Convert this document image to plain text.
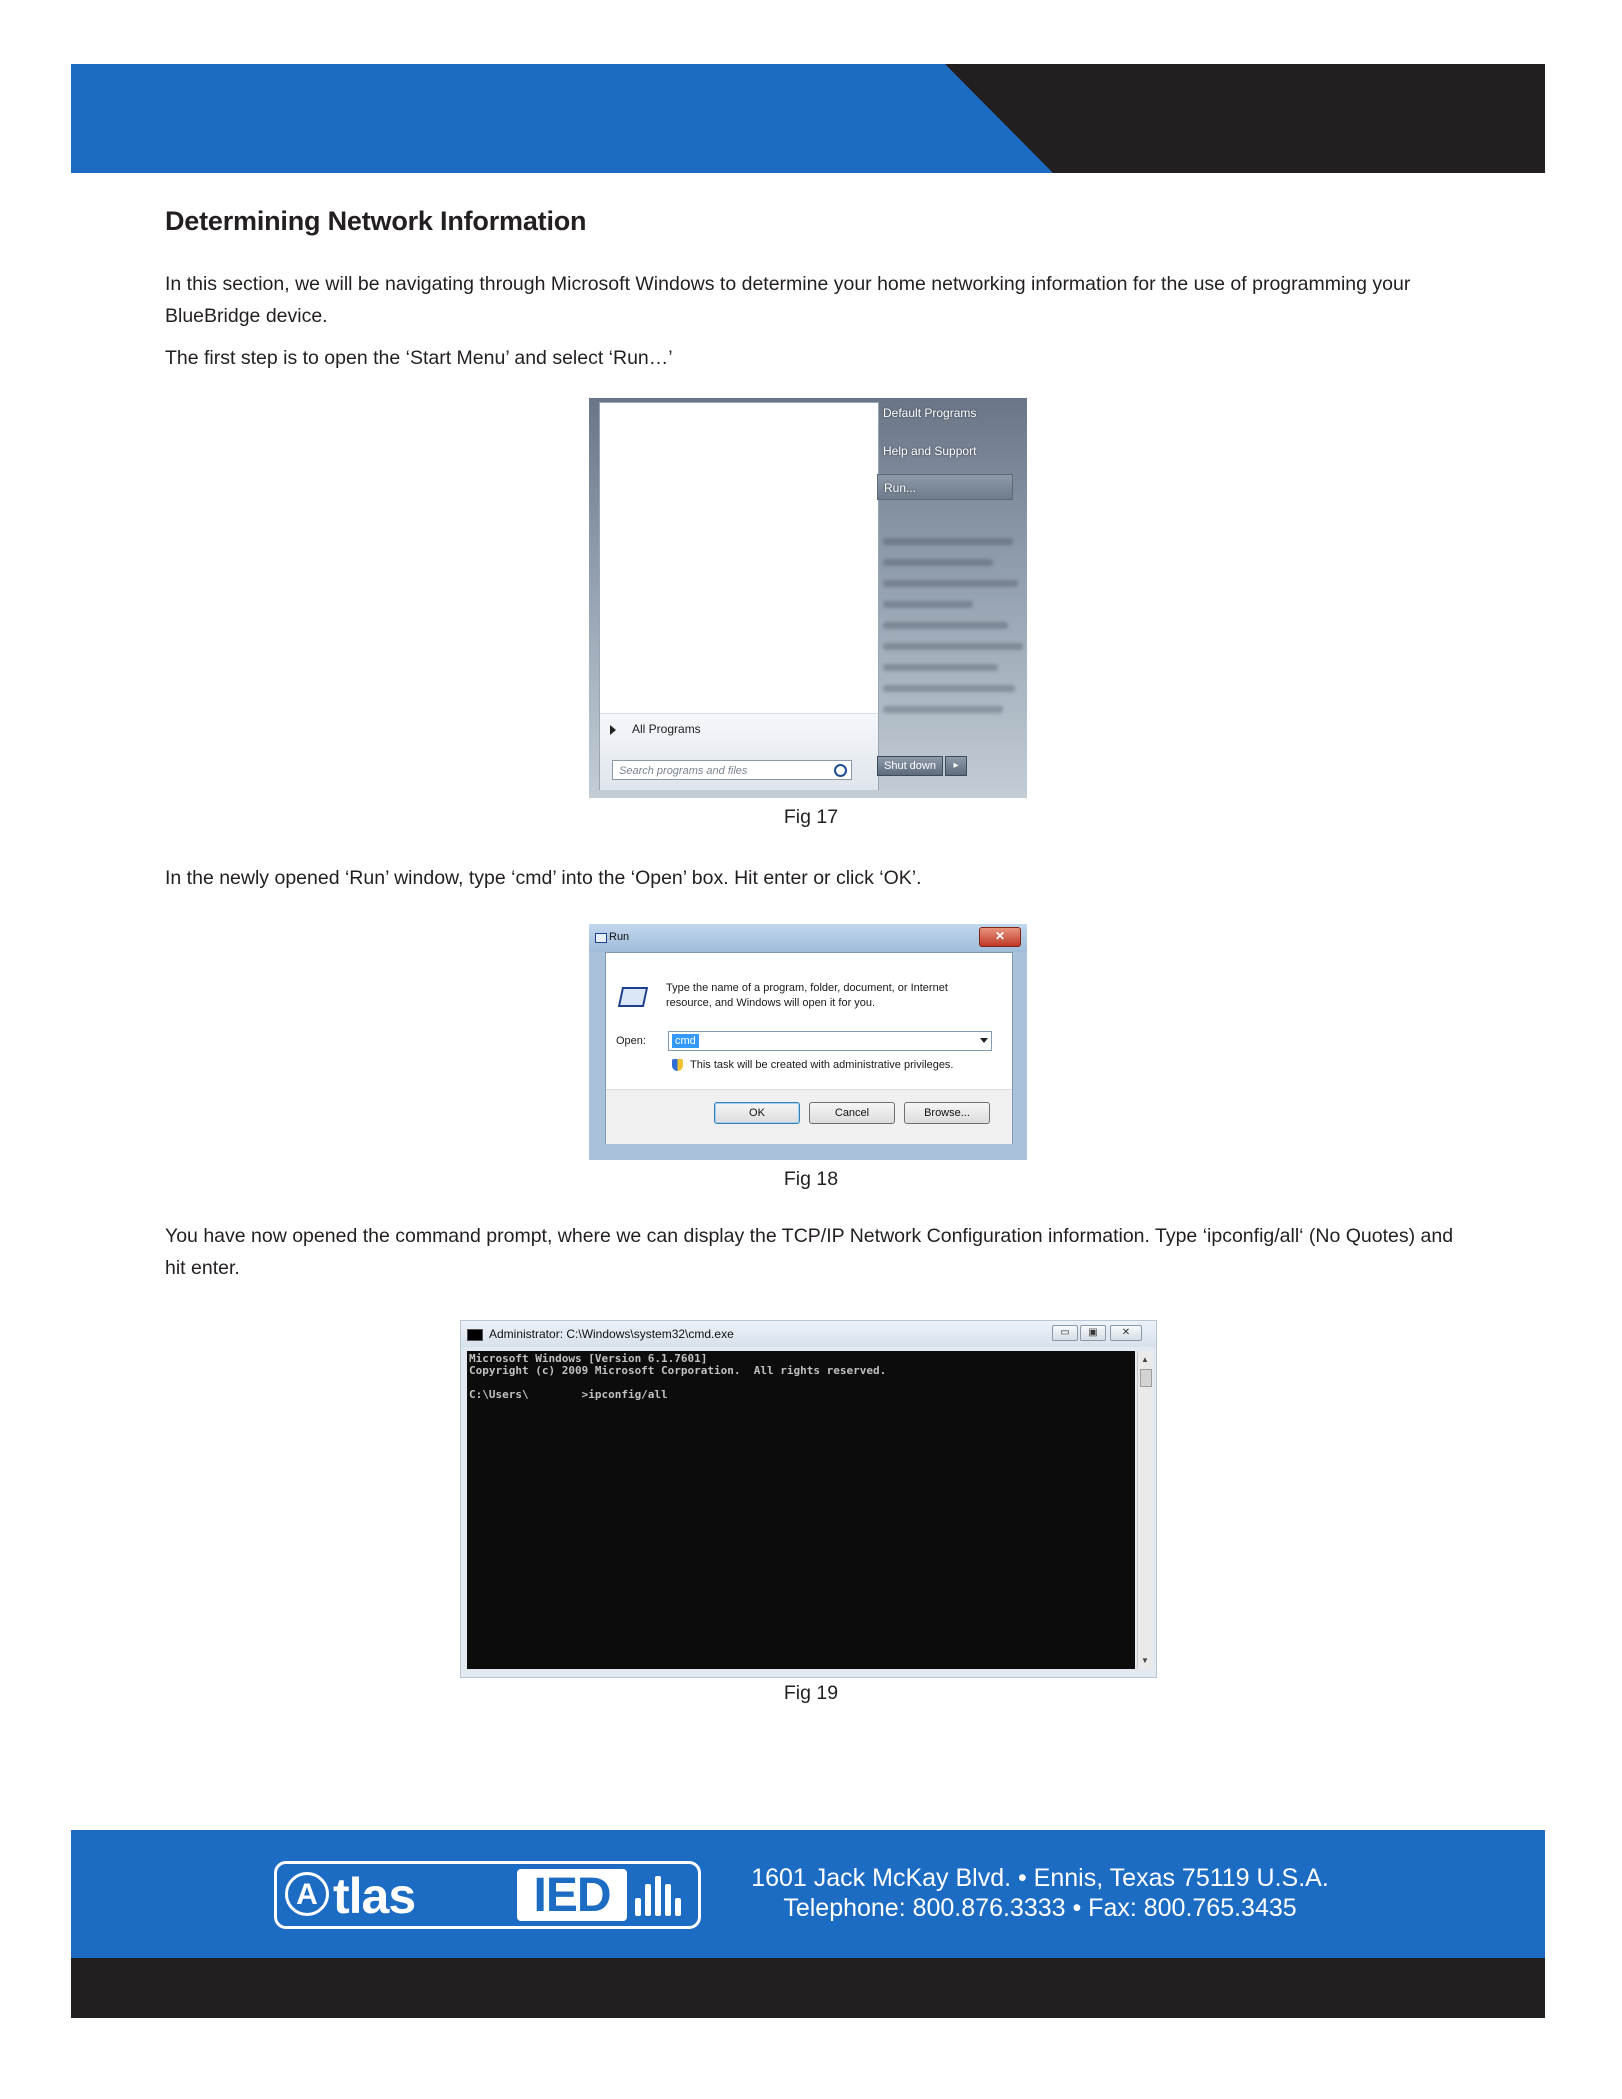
Determining Network Information

In this section, we will be navigating through Microsoft Windows to determine your home networking information for the use of programming your BlueBridge device.

The first step is to open the ‘Start Menu’ and select ‘Run…’

All Programs
Search programs and files
Default Programs
Help and Support
Run...
Shut down	▸
Fig 17

In the newly opened ‘Run’ window, type ‘cmd’ into the ‘Open’ box. Hit enter or click ‘OK’.

Run	✕
Type the name of a program, folder, document, or Internet resource, and Windows will open it for you.
Open:	cmd
This task will be created with administrative privileges.
OK	Cancel	Browse...
Fig 18

You have now opened the command prompt, where we can display the TCP/IP Network Configuration information. Type ‘ipconfig/all‘ (No Quotes) and hit enter.

Administrator: C:\Windows\system32\cmd.exe	▭	▣	✕
Microsoft Windows [Version 6.1.7601]
Copyright (c) 2009 Microsoft Corporation.  All rights reserved.
C:\Users\        >ipconfig/all
▲
▼
Fig 19
A tlas	IED	1601 Jack McKay Blvd. • Ennis, Texas 75119 U.S.A.
Telephone: 800.876.3333 • Fax: 800.765.3435
